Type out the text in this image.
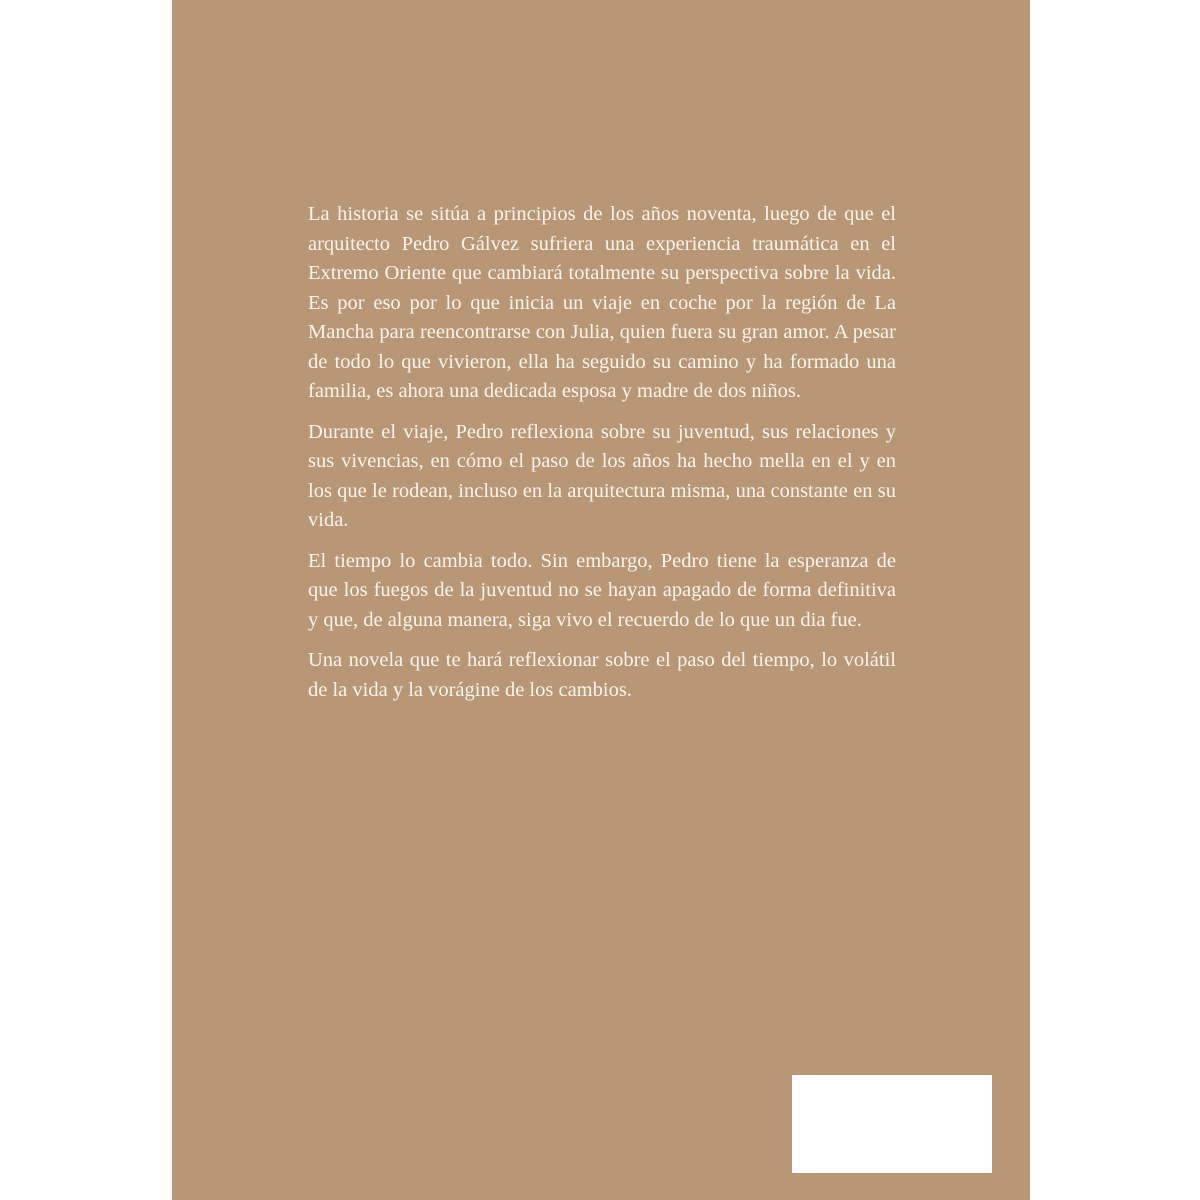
La historia se sitúa a principios de los años noventa, luego de que el arquitecto Pedro Gálvez sufriera una experiencia traumática en el Extremo Oriente que cambiará totalmente su perspectiva sobre la vida. Es por eso por lo que inicia un viaje en coche por la región de La Mancha para reencontrarse con Julia, quien fuera su gran amor. A pesar de todo lo que vivieron, ella ha seguido su camino y ha formado una familia, es ahora una dedicada esposa y madre de dos niños.

Durante el viaje, Pedro reflexiona sobre su juventud, sus relaciones y sus vivencias, en cómo el paso de los años ha hecho mella en el y en los que le rodean, incluso en la arquitectura misma, una constante en su vida.

El tiempo lo cambia todo. Sin embargo, Pedro tiene la esperanza de que los fuegos de la juventud no se hayan apagado de forma definitiva y que, de alguna manera, siga vivo el recuerdo de lo que un dia fue.

Una novela que te hará reflexionar sobre el paso del tiempo, lo volátil de la vida y la vorágine de los cambios.
